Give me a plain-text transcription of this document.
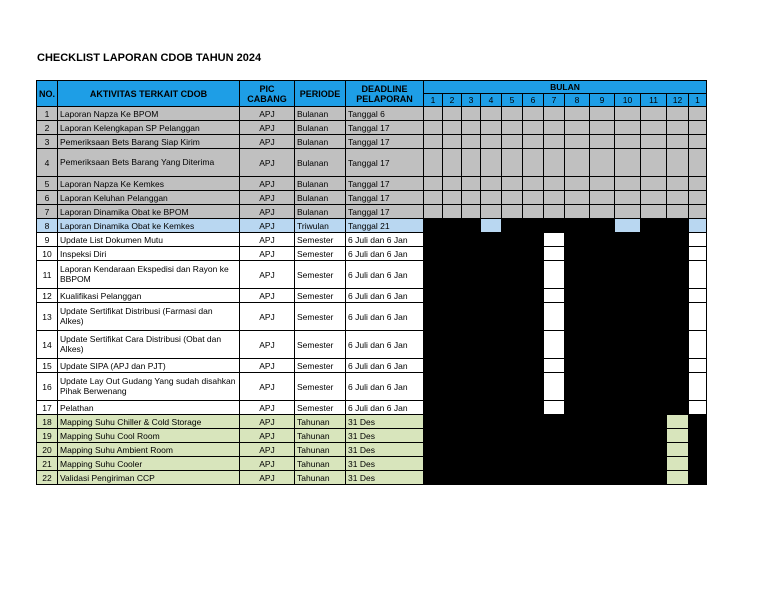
CHECKLIST LAPORAN CDOB TAHUN 2024
NO.	AKTIVITAS TERKAIT CDOB	PIC CABANG	PERIODE	DEADLINE PELAPORAN	BULAN												
					1	2	3	4	5	6	7	8	9	10	11	12	1
1	Laporan Napza Ke BPOM	APJ	Bulanan	Tanggal 6													
2	Laporan Kelengkapan SP Pelanggan	APJ	Bulanan	Tanggal 17													
3	Pemeriksaan Bets Barang Siap Kirim	APJ	Bulanan	Tanggal 17													
4	Pemeriksaan Bets Barang Yang Diterima	APJ	Bulanan	Tanggal 17													
5	Laporan Napza Ke Kemkes	APJ	Bulanan	Tanggal 17													
6	Laporan Keluhan Pelanggan	APJ	Bulanan	Tanggal 17													
7	Laporan Dinamika Obat ke BPOM	APJ	Bulanan	Tanggal 17													
8	Laporan Dinamika Obat ke Kemkes	APJ	Triwulan	Tanggal 21													
9	Update List Dokumen Mutu	APJ	Semester	6 Juli dan 6 Jan													
10	Inspeksi Diri	APJ	Semester	6 Juli dan 6 Jan													
11	Laporan Kendaraan Ekspedisi dan Rayon ke BBPOM	APJ	Semester	6 Juli dan 6 Jan													
12	Kualifikasi Pelanggan	APJ	Semester	6 Juli dan 6 Jan													
13	Update Sertifikat Distribusi (Farmasi dan Alkes)	APJ	Semester	6 Juli dan 6 Jan													
14	Update Sertifikat Cara Distribusi (Obat dan Alkes)	APJ	Semester	6 Juli dan 6 Jan													
15	Update SIPA (APJ dan PJT)	APJ	Semester	6 Juli dan 6 Jan													
16	Update Lay Out Gudang Yang sudah disahkan Pihak Berwenang	APJ	Semester	6 Juli dan 6 Jan													
17	Pelathan	APJ	Semester	6 Juli dan 6 Jan													
18	Mapping Suhu Chiller & Cold Storage	APJ	Tahunan	31 Des													
19	Mapping Suhu Cool Room	APJ	Tahunan	31 Des													
20	Mapping Suhu Ambient Room	APJ	Tahunan	31 Des													
21	Mapping Suhu Cooler	APJ	Tahunan	31 Des													
22	Validasi Pengiriman CCP	APJ	Tahunan	31 Des													
